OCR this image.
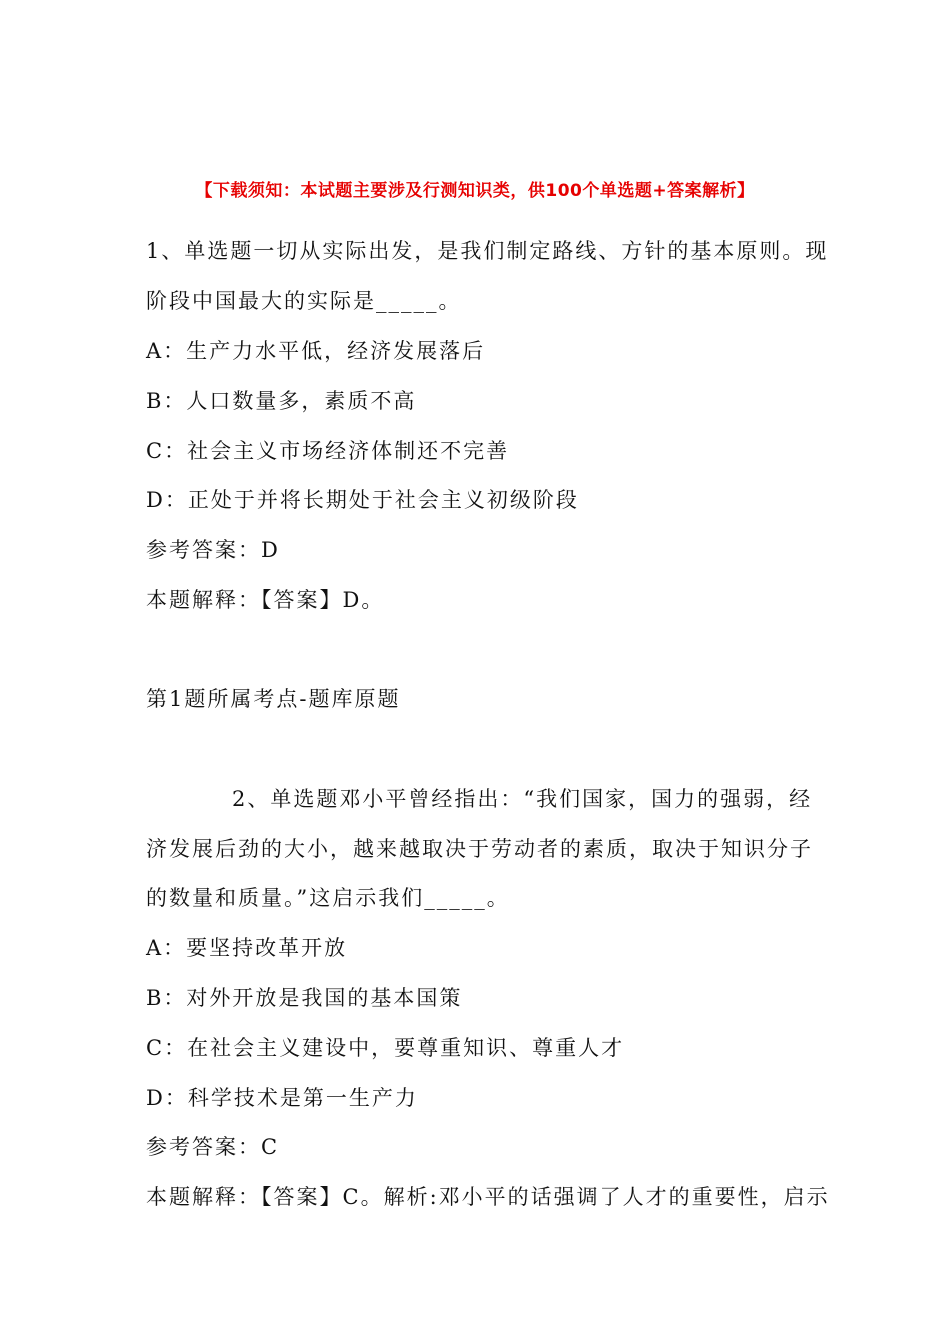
【下载须知：本试题主要涉及行测知识类，供100个单选题+答案解析】
1、单选题一切从实际出发，是我们制定路线、方针的基本原则。现
阶段中国最大的实际是_____。
A：生产力水平低，经济发展落后
B：人口数量多，素质不高
C：社会主义市场经济体制还不完善
D：正处于并将长期处于社会主义初级阶段
参考答案：D
本题解释：【答案】D。
第1题所属考点-题库原题
2、单选题邓小平曾经指出：“我们国家，国力的强弱，经
济发展后劲的大小，越来越取决于劳动者的素质，取决于知识分子
的数量和质量。”这启示我们_____。
A：要坚持改革开放
B：对外开放是我国的基本国策
C：在社会主义建设中，要尊重知识、尊重人才
D：科学技术是第一生产力
参考答案：C
本题解释：【答案】C。解析:邓小平的话强调了人才的重要性，启示
